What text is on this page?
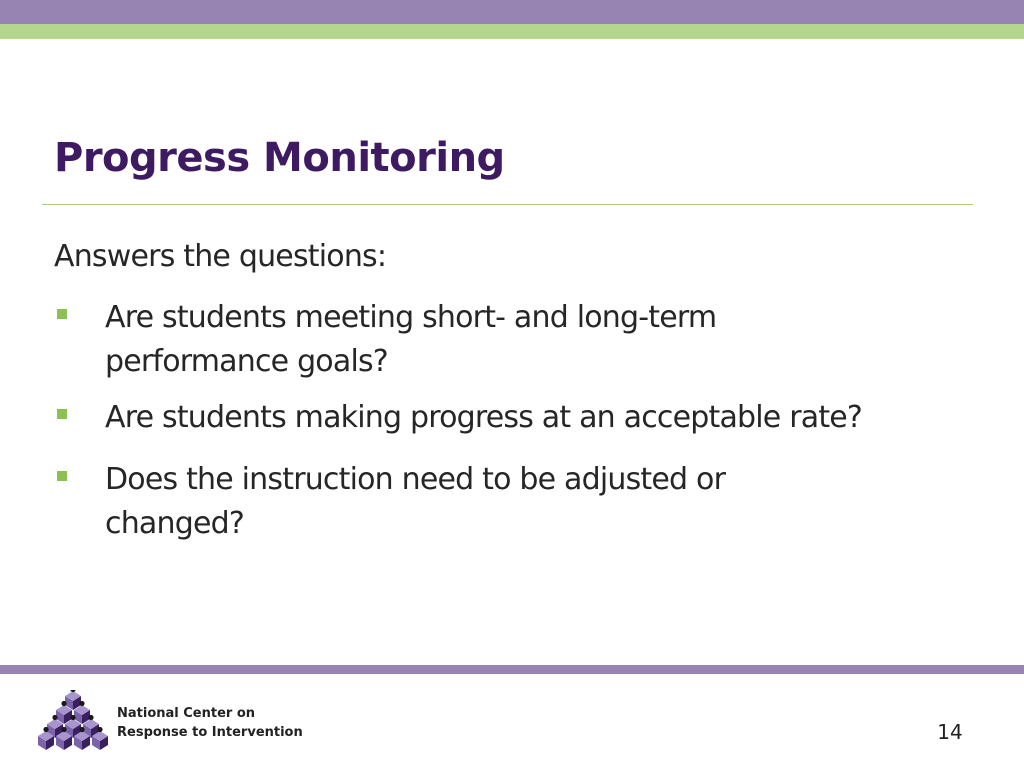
Progress Monitoring
Answers the questions:
Are students meeting short- and long-term
performance goals?
Are students making progress at an acceptable rate?
Does the instruction need to be adjusted or
changed?
National Center on
Response to Intervention	14
